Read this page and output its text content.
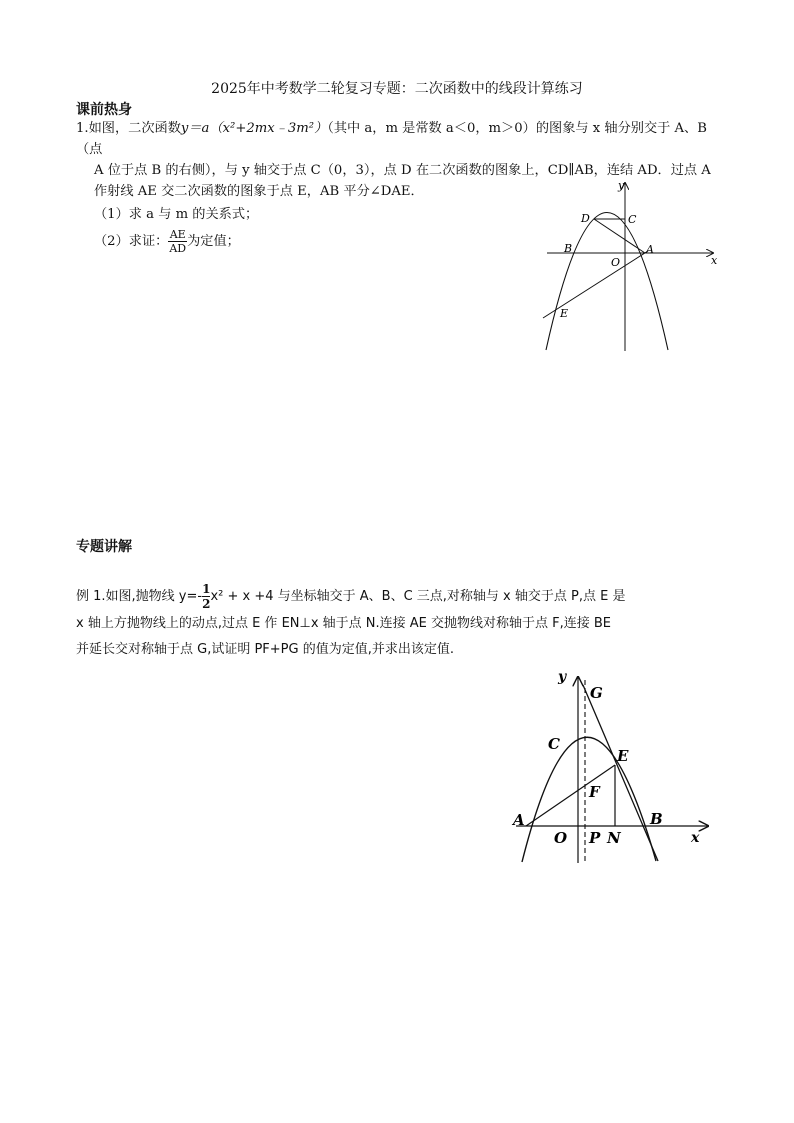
2025年中考数学二轮复习专题：二次函数中的线段计算练习
课前热身
1.如图，二次函数y＝a（x²+2mx﹣3m²）（其中 a，m 是常数 a＜0，m＞0）的图象与 x 轴分别交于 A、B（点
A 位于点 B 的右侧），与 y 轴交于点 C（0，3），点 D 在二次函数的图象上，CD∥AB，连结 AD．过点 A
作射线 AE 交二次函数的图象于点 E，AB 平分∠DAE．
（1）求 a 与 m 的关系式；
（2）求证： $\frac{AE}{AD}$ 为定值；
y
x
O
A
B
C
D
E
专题讲解
例 1.如图,抛物线 $y=- \frac{1}{2} x^2 + x +4$ 与坐标轴交于 A、B、C 三点,对称轴与 x 轴交于点 P,点 E 是
x 轴上方抛物线上的动点,过点 E 作 EN⊥x 轴于点 N.连接 AE 交抛物线对称轴于点 F,连接 BE
并延长交对称轴于点 G,试证明 PF+PG 的值为定值,并求出该定值.
y
x
O
A	B
C
E
F
G
P N
